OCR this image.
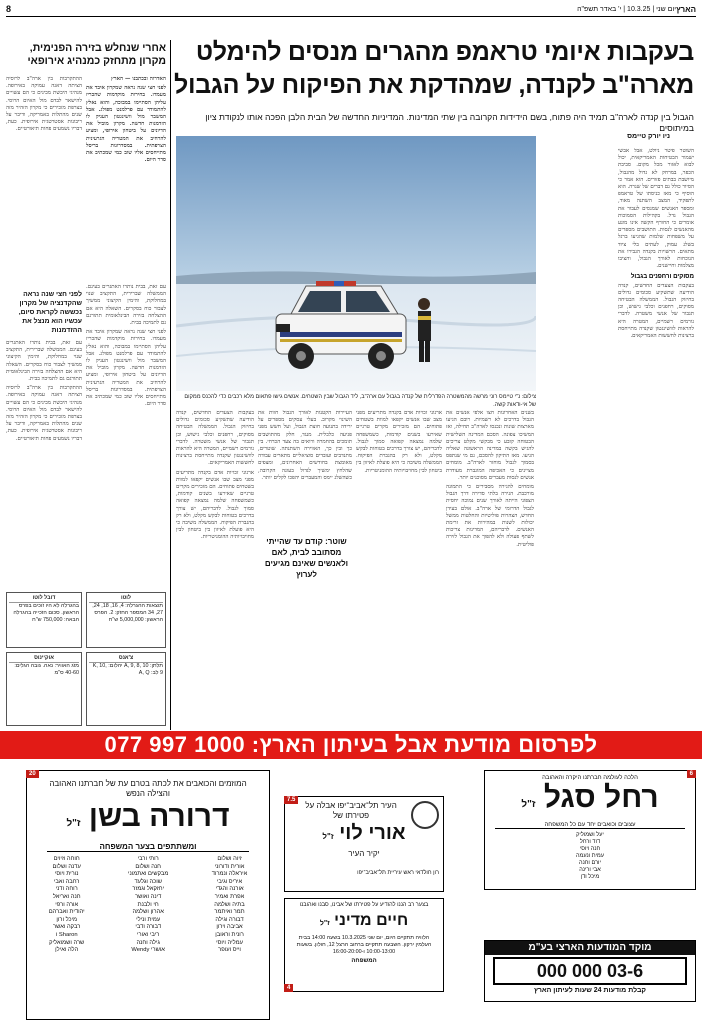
הארץ
יום שני | 10.3.25 | י' באדר תשפ"ה
8
בעקבות איומי טראמפ מהגרים מנסים להימלט מארה"ב לקנדה, שמהדקת את הפיקוח על הגבול
הגבול בין קנדה לארה"ב תמיד היה פתוח, בשם הידידות הקרובה בין שתי המדינות. המדיניות החדשה של הבית הלבן הפכה אותו לנקודת ציון במיתוסים
ניו יורק טיימס
צילום: נ"י טיימס רוני מרשה מהמשטרה הפדרלית של קנדה בגבול עם ארה"ב, ליד הגבול שבין השטחים. אנשים גישו פתאום מלא רכבים כדי להכנס ממקום של אי-ודאות קשה.

השוטר פיטר ניולט, אבל אבשי ישמור הבטיחות האמריקאית, יכול לבוא לאזור מכל מקום. סביבת הכפר, במרחק לא גדול מהגבול, מיושבת בבתים פזורים. הוא אמר כי הסיור כולל גם דברים של שגרה. הוא הוסיף כי מאז כניסתו של טראמפ לתפקיד, המצב השתנה מאוד, ומספר האנשים שמנסים לעבור את הגבול גדל. בקהילות הסמוכות אומרים כי החורף הקשה אינו מונע מהאנשים לנסות. התושבים מספרים על משפחות שלמות שהגיעו ברגל בשלג עמוק, לעתים בלי ציוד מתאים. הרשויות בקנדה הגבירו את הנוכחות לאורך הגבול, והציבו מצלמות וחיישנים.

מסוקים ורחפנים בגבול

בעקבות הצעדים החדשים, קנדה הודיעה שתשקיע סכומים גדולים בחיזוק הגבול. הממשלה הבטיחה מסוקים, רחפנים וכלבי גישוש, וכן תגבור של אנשי משטרה. לדברי גורמים רשמיים, המטרה היא להראות לוושינגטון שקנדה מתייחסת ברצינות לחששות האמריקאים.

בשנים האחרונות חצו אלפי אנשים את הגבול בדרכים לא רשמיות. רובם הגיעו מארצות שונות ונכנסו לארה"ב תחילה, ואז המשיכו צפונה. הסכם המדינה השלישית הבטוחה קובע כי מבקשי מקלט צריכים להגיש בקשה במדינה הראשונה שאליה הגיעו. מאז התיקון להסכם, גם מי שנתפס בסמוך לגבול מוחזר לארה"ב. מומחים מציינים כי האכיפה המוגברת מעודדת אנשים לנסות מעברים מסוכנים יותר.

מומחים להגירה מסבירים כי התמונה מורכבת. הגירה בלתי סדירה דרך הגבול הצפוני הייתה לאורך שנים נמוכה יחסית לגבול הדרומי של ארה"ב. אולם בעידן החדש, הצהרות פוליטיות והחלטות ממשל יכולות לשנות במהירות את זרימת האנשים. לדבריהם, המדינות צריכות לשתף פעולה ולא להפוך את הגבול לזירה פוליטית.

ארגוני זכויות אדם בקנדה מתריעים מפני מצב שבו אנשים יקפאו למוות בשטחים פתוחים. הם מזכירים מקרים טרגיים שאירעו בשנים קודמות, כשמשפחה שלמה נמצאה קפואה סמוך לגבול. לדבריהם, יש צורך בדרכים בטוחות לבקש מקלט, ולא רק בהגברת הפיקוח. הממשלה משיבה כי היא פועלת לאיזון בין ביטחון לבין מחויבויותיה ההומניטריות.

העיירות הקטנות לאורך הגבול חוות את השינוי מקרוב. בעלי עסקים מספרים על ירידה בתנועה חוצת הגבול, ועל חשש מפני פגיעה כלכלית. מנגד, חלק מהתושבים תומכים בהחמרה ורואים בה צעד הכרחי. בין כך ובין כך, האווירה השתנתה. שוטרים, מתנדבים ועובדים סוציאליים מתארים עבודה מאומצת בחודשים האחרונים, ומצפים שהלחץ ימשיך לגדול בעונה הקרובה, כשהשלג יימס והמעברים יהפכו לקלים יותר.

שוטר: קודם עד שהייתי מסתובב לבית, לאם ולאנשים שאינם מגיעים לערוץ

בעקבות הצעדים החדשים, קנדה הודיעה שתשקיע סכומים גדולים בחיזוק הגבול. הממשלה הבטיחה מסוקים, רחפנים וכלבי גישוש, וכן תגבור של אנשי משטרה. לדברי גורמים רשמיים, המטרה היא להראות לוושינגטון שקנדה מתייחסת ברצינות לחששות האמריקאים.

ארגוני זכויות אדם בקנדה מתריעים מפני מצב שבו אנשים יקפאו למוות בשטחים פתוחים. הם מזכירים מקרים טרגיים שאירעו בשנים קודמות, כשמשפחה שלמה נמצאה קפואה סמוך לגבול. לדבריהם, יש צורך בדרכים בטוחות לבקש מקלט, ולא רק בהגברת הפיקוח. הממשלה משיבה כי היא פועלת לאיזון בין ביטחון לבין מחויבויותיה ההומניטריות.

אחרי שנחלש בזירה הפנימית, מקרון מתחזק כמנהיג אירופאי

האדרוה ובכתבנו — הארץ

לפני חצי שנה נראה שמקרון איבד את מעמדו. בחירות מוקדמות שהכריז עליהן הסתיימו במבוכה, והוא נאלץ להתמודד עם פרלמנט מפולג. אבל המשבר מול וושינגטון העניק לו הזדמנות חדשה. מקרון מוביל את הדיונים על ביטחון אירופי, ומציע להרחיב את המטריה הגרעינית הצרפתית. במסדרונות בריסל מתייחסים אליו שוב כמי שמכתיב את סדר היום.

ההתקרבות בין ארה"ב לרוסיה הציתה דאגה עמוקה באירופה. מנהיגי היבשת מבינים כי הם עשויים להישאר לבדם מול האיום הרוסי. בצרפת מזכירים כי מקרון הזהיר מזה שנים מהתלות באמריקה, ודיבר על ריבונות אסטרטגית אירופית. כעת, דבריו נשמעים פחות תיאורטיים.

לפני חצי שנה נראה שהקדנציה של מקרון נכששה לקראת סיום, עכשיו הוא מנצל את ההזדמנות

עם זאת, בבית נותרו האתגרים בעינם. הממשלה שברירית, התקציב שנוי במחלוקת, והימין הקיצוני ממשיך לצבור כוח בסקרים. השאלה היא אם ההצלחה בזירה הבינלאומית תתורגם גם לתמיכה בבית.

לפני חצי שנה נראה שמקרון איבד את מעמדו. בחירות מוקדמות שהכריז עליהן הסתיימו במבוכה, והוא נאלץ להתמודד עם פרלמנט מפולג. אבל המשבר מול וושינגטון העניק לו הזדמנות חדשה. מקרון מוביל את הדיונים על ביטחון אירופי, ומציע להרחיב את המטריה הגרעינית הצרפתית. במסדרונות בריסל מתייחסים אליו שוב כמי שמכתיב את סדר היום.

עם זאת, בבית נותרו האתגרים בעינם. הממשלה שברירית, התקציב שנוי במחלוקת, והימין הקיצוני ממשיך לצבור כוח בסקרים. השאלה היא אם ההצלחה בזירה הבינלאומית תתורגם גם לתמיכה בבית.

ההתקרבות בין ארה"ב לרוסיה הציתה דאגה עמוקה באירופה. מנהיגי היבשת מבינים כי הם עשויים להישאר לבדם מול האיום הרוסי. בצרפת מזכירים כי מקרון הזהיר מזה שנים מהתלות באמריקה, ודיבר על ריבונות אסטרטגית אירופית. כעת, דבריו נשמעים פחות תיאורטיים.

לוטו
תוצאות ההגרלה: 4, 16, 18, 24, 27, 34 המספר החזק: 2. הפרס הראשון: 5,000,000 ש"ח
דובל לוטו
בהגרלה לא היו זוכים בפרס הראשון. סכום הזכייה בהגרלה הבאה: 750,000 ש"ח
צ'אנס
תלתן: A, 9, 8, 10 יהלום: K, 10, 9 לב: A, Q
אוקיינוס
מזג האוויר: נאה. גובה הגלים: 40-60 ס"מ
לפרסום מודעת אבל בעיתון הארץ: 1000 997 077
6
הלכה לעולמה חברתנו היקרה והאהובה
רחל סגל ז"ל
עצובים וכואבים יחד עם כל המשפחה
יעל ושמוליק
דוד ורחל
חנה ויוסי
עמית ונעמה
יורם וחנה
אבי ורינה
מיכל ודן
7.5
העיר תל־אביב־יפו אבלה על פטירתו של
אורי לוי ז"ל
יקיר העיר
רון חולדאי ראש עיריית תל־אביב־יפו
בצער רב הננו להודיע על פטירתו של אבינו, סבנו ואהובנו
חיים מדיני ז"ל
הלוויה תתקיים היום, יום שני 10.3.2025 בשעה 14:00 בבית העלמין ירקון. השבעה תתקיים ברחוב הרצל 12, חולון. בשעות 10:00-13:00 ו-16:00-20:00
המשפחה
4
מוקד המודעות הארצי בע"מ
03-6 000 000
קבלת מודעות 24 שעות לעיתון הארץ
20
המוזמים והכואבים את לכתה בטרם עת של חברתנו האהובה והצילה הנפש
דרורה בשן ז"ל
ומשתתפים בצער המשפחה
זיוה ושלום
אורית ודורוני
איראלה ונמרוד
איריס וגיבי
אורנה והגדי
אפרת ואמיר
בתיה ושלמה
תמר ואיתמר
דבורה וגילה
אביבה וירון
רונית וראובן
עמליה ויוסי
וייס ועופר
רותי ורבי
חנה ושלום
מבקשים ואתמוני
שוכה וגלעד
יחזקאל וגמזר
דינה ואושר
חי ולבנת
אהרון ושלמה
עמית ונילי
דבורה ודבי
ריבי ואורי
גילה וחנה
אושרי Wendy
חוחה וזיוים
עדנה ושלום
נורית ויוסי
רחבה ואבי
רוחה ודני
חנה ואריאל
אורה ורפי
יהודית ואברהם
מיכל ורון
רבקה ואשר
Sharon ו
שרה ושמואליק
הלה ואילן
